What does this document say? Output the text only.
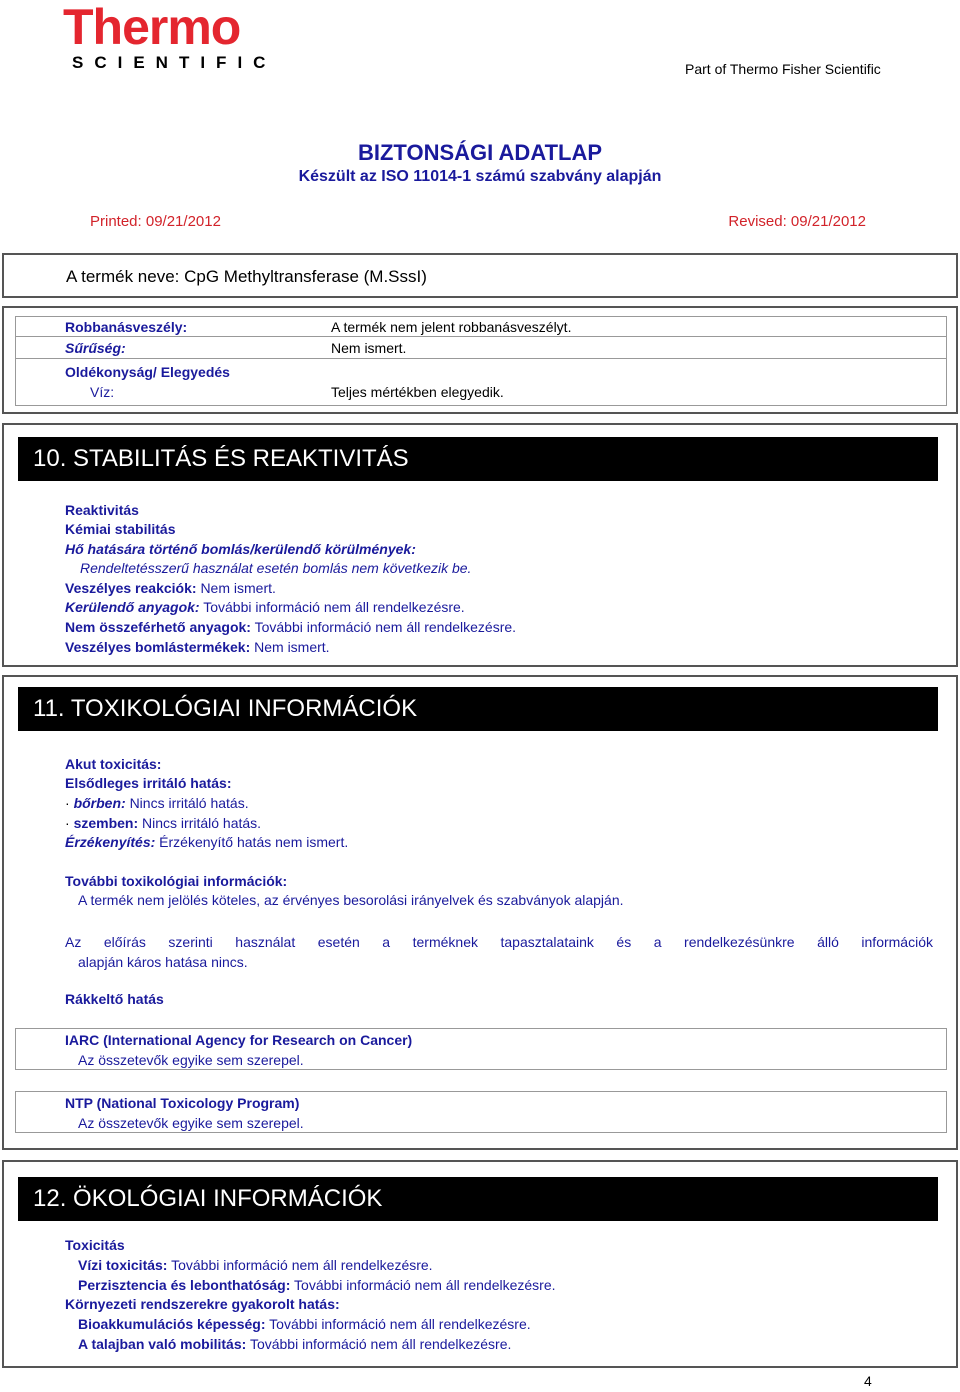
Thermo
SCIENTIFIC	Part of Thermo Fisher Scientific
BIZTONSÁGI ADATLAP
Készült az ISO 11014-1 számú szabvány alapján
Printed: 09/21/2012	Revised: 09/21/2012
A termék neve: CpG Methyltransferase (M.SssI)
Robbanásveszély:	A termék nem jelent robbanásveszélyt.
Sűrűség:	Nem ismert.
Oldékonyság/ Elegyedés
Víz:	Teljes mértékben elegyedik.
10. STABILITÁS ÉS REAKTIVITÁS
Reaktivitás
Kémiai stabilitás
Hő hatására történő bomlás/kerülendő körülmények:
Rendeltetésszerű használat esetén bomlás nem következik be.
Veszélyes reakciók: Nem ismert.
Kerülendő anyagok: További információ nem áll rendelkezésre.
Nem összeférhető anyagok: További információ nem áll rendelkezésre.
Veszélyes bomlástermékek: Nem ismert.
11. TOXIKOLÓGIAI INFORMÁCIÓK
Akut toxicitás:
Elsődleges irritáló hatás:
· bőrben: Nincs irritáló hatás.
· szemben: Nincs irritáló hatás.
Érzékenyítés: Érzékenyítő hatás nem ismert.
További toxikológiai információk:
A termék nem jelölés köteles, az érvényes besorolási irányelvek és szabványok alapján.
Az előírás szerinti használat esetén a terméknek tapasztalataink és a rendelkezésünkre álló információk
alapján káros hatása nincs.
Rákkeltő hatás
IARC (International Agency for Research on Cancer)
Az összetevők egyike sem szerepel.
NTP (National Toxicology Program)
Az összetevők egyike sem szerepel.
12. ÖKOLÓGIAI INFORMÁCIÓK
Toxicitás
Vízi toxicitás: További információ nem áll rendelkezésre.
Perzisztencia és lebonthatóság: További információ nem áll rendelkezésre.
Környezeti rendszerekre gyakorolt hatás:
Bioakkumulációs képesség: További információ nem áll rendelkezésre.
A talajban való mobilitás: További információ nem áll rendelkezésre.
4
